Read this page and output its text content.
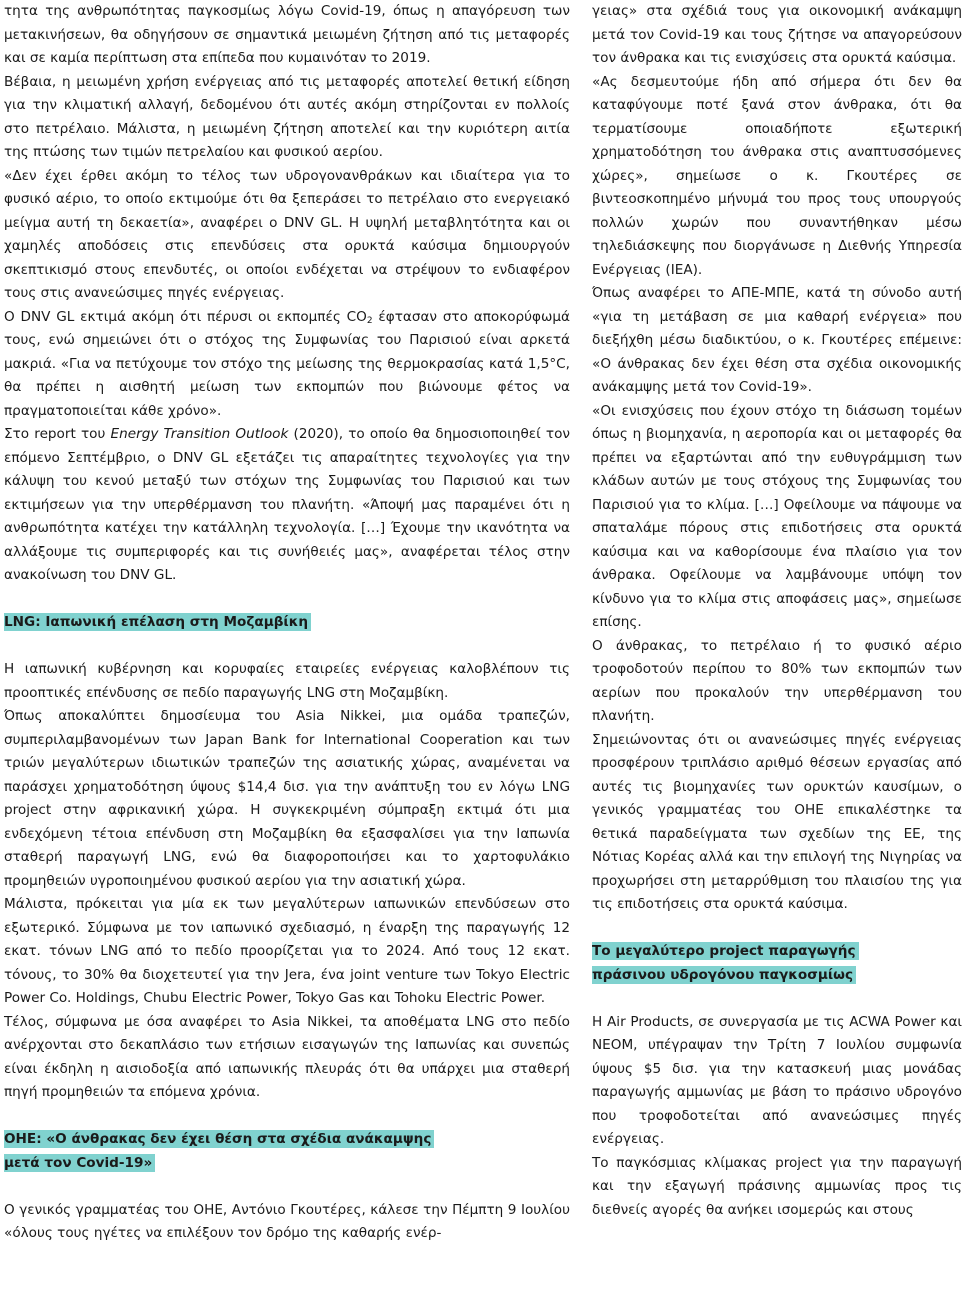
τητα της ανθρωπότητας παγκοσμίως λόγω Covid-19, όπως η απαγόρευση των μετακινήσεων, θα οδηγήσουν σε σημαντικά μειωμένη ζήτηση από τις μεταφορές και σε καμία περίπτωση στα επίπεδα που κυμαινόταν το 2019.

Βέβαια, η μειωμένη χρήση ενέργειας από τις μεταφορές αποτελεί θετική είδηση για την κλιματική αλλαγή, δεδομένου ότι αυτές ακόμη στηρίζονται εν πολλοίς στο πετρέλαιο. Μάλιστα, η μειωμένη ζήτηση αποτελεί και την κυριότερη αιτία της πτώσης των τιμών πετρελαίου και φυσικού αερίου.

«Δεν έχει έρθει ακόμη το τέλος των υδρογονανθράκων και ιδιαίτερα για το φυσικό αέριο, το οποίο εκτιμούμε ότι θα ξεπεράσει το πετρέλαιο στο ενεργειακό μείγμα αυτή τη δεκαετία», αναφέρει ο DNV GL. Η υψηλή μεταβλητότητα και οι χαμηλές αποδόσεις στις επενδύσεις στα ορυκτά καύσιμα δημιουργούν σκεπτικισμό στους επενδυτές, οι οποίοι ενδέχεται να στρέψουν το ενδιαφέρον τους στις ανανεώσιμες πηγές ενέργειας.

Ο DNV GL εκτιμά ακόμη ότι πέρυσι οι εκπομπές $CO_2$ έφτασαν στο αποκορύφωμά τους, ενώ σημειώνει ότι ο στόχος της Συμφωνίας του Παρισιού είναι αρκετά μακριά. «Για να πετύχουμε τον στόχο της μείωσης της θερμοκρασίας κατά 1,5°C, θα πρέπει η αισθητή μείωση των εκπομπών που βιώνουμε φέτος να πραγματοποιείται κάθε χρόνο».

Στο report του Energy Transition Outlook (2020), το οποίο θα δημοσιοποιηθεί τον επόμενο Σεπτέμβριο, ο DNV GL εξετάζει τις απαραίτητες τεχνολογίες για την κάλυψη του κενού μεταξύ των στόχων της Συμφωνίας του Παρισιού και των εκτιμήσεων για την υπερθέρμανση του πλανήτη. «Άποψή μας παραμένει ότι η ανθρωπότητα κατέχει την κατάλληλη τεχνολογία. […] Έχουμε την ικανότητα να αλλάξουμε τις συμπεριφορές και τις συνήθειές μας», αναφέρεται τέλος στην ανακοίνωση του DNV GL.

LNG: Ιαπωνική επέλαση στη Μοζαμβίκη

Η ιαπωνική κυβέρνηση και κορυφαίες εταιρείες ενέργειας καλοβλέπουν τις προοπτικές επένδυσης σε πεδίο παραγωγής LNG στη Μοζαμβίκη.

Όπως αποκαλύπτει δημοσίευμα του Asia Nikkei, μια ομάδα τραπεζών, συμπεριλαμβανομένων των Japan Bank for International Cooperation και των τριών μεγαλύτερων ιδιωτικών τραπεζών της ασιατικής χώρας, αναμένεται να παράσχει χρηματοδότηση ύψους $14,4 δισ. για την ανάπτυξη του εν λόγω LNG project στην αφρικανική χώρα. Η συγκεκριμένη σύμπραξη εκτιμά ότι μια ενδεχόμενη τέτοια επένδυση στη Μοζαμβίκη θα εξασφαλίσει για την Ιαπωνία σταθερή παραγωγή LNG, ενώ θα διαφοροποιήσει και το χαρτοφυλάκιο προμηθειών υγροποιημένου φυσικού αερίου για την ασιατική χώρα.

Μάλιστα, πρόκειται για μία εκ των μεγαλύτερων ιαπωνικών επενδύσεων στο εξωτερικό. Σύμφωνα με τον ιαπωνικό σχεδιασμό, η έναρξη της παραγωγής 12 εκατ. τόνων LNG από το πεδίο προορίζεται για το 2024. Από τους 12 εκατ. τόνους, το 30% θα διοχετευτεί για την Jera, ένα joint venture των Tokyo Electric Power Co. Holdings, Chubu Electric Power, Tokyo Gas και Tohoku Electric Power.

Τέλος, σύμφωνα με όσα αναφέρει το Asia Nikkei, τα αποθέματα LNG στο πεδίο ανέρχονται στο δεκαπλάσιο των ετήσιων εισαγωγών της Ιαπωνίας και συνεπώς είναι έκδηλη η αισιοδοξία από ιαπωνικής πλευράς ότι θα υπάρχει μια σταθερή πηγή προμηθειών τα επόμενα χρόνια.

ΟΗΕ: «Ο άνθρακας δεν έχει θέση στα σχέδια ανάκαμψης
μετά τον Covid-19»

Ο γενικός γραμματέας του ΟΗΕ, Αντόνιο Γκουτέρες, κάλεσε την Πέμπτη 9 Ιουλίου «όλους τους ηγέτες να επιλέξουν τον δρόμο της καθαρής ενέρ-

γειας» στα σχέδιά τους για οικονομική ανάκαμψη μετά τον Covid-19 και τους ζήτησε να απαγορεύσουν τον άνθρακα και τις ενισχύσεις στα ορυκτά καύσιμα.

«Ας δεσμευτούμε ήδη από σήμερα ότι δεν θα καταφύγουμε ποτέ ξανά στον άνθρακα, ότι θα τερματίσουμε οποιαδήποτε εξωτερική χρηματοδότηση του άνθρακα στις αναπτυσσόμενες χώρες», σημείωσε ο κ. Γκουτέρες σε βιντεοσκοπημένο μήνυμά του προς τους υπουργούς πολλών χωρών που συναντήθηκαν μέσω τηλεδιάσκεψης που διοργάνωσε η Διεθνής Υπηρεσία Ενέργειας (IEA).

Όπως αναφέρει το ΑΠΕ-ΜΠΕ, κατά τη σύνοδο αυτή «για τη μετάβαση σε μια καθαρή ενέργεια» που διεξήχθη μέσω διαδικτύου, ο κ. Γκουτέρες επέμεινε: «Ο άνθρακας δεν έχει θέση στα σχέδια οικονομικής ανάκαμψης μετά τον Covid-19».

«Οι ενισχύσεις που έχουν στόχο τη διάσωση τομέων όπως η βιομηχανία, η αεροπορία και οι μεταφορές θα πρέπει να εξαρτώνται από την ευθυγράμμιση των κλάδων αυτών με τους στόχους της Συμφωνίας του Παρισιού για το κλίμα. […] Οφείλουμε να πάψουμε να σπαταλάμε πόρους στις επιδοτήσεις στα ορυκτά καύσιμα και να καθορίσουμε ένα πλαίσιο για τον άνθρακα. Οφείλουμε να λαμβάνουμε υπόψη τον κίνδυνο για το κλίμα στις αποφάσεις μας», σημείωσε επίσης.

Ο άνθρακας, το πετρέλαιο ή το φυσικό αέριο τροφοδοτούν περίπου το 80% των εκπομπών των αερίων που προκαλούν την υπερθέρμανση του πλανήτη.

Σημειώνοντας ότι οι ανανεώσιμες πηγές ενέργειας προσφέρουν τριπλάσιο αριθμό θέσεων εργασίας από αυτές τις βιομηχανίες των ορυκτών καυσίμων, ο γενικός γραμματέας του ΟΗΕ επικαλέστηκε τα θετικά παραδείγματα των σχεδίων της ΕΕ, της Νότιας Κορέας αλλά και την επιλογή της Νιγηρίας να προχωρήσει στη μεταρρύθμιση του πλαισίου της για τις επιδοτήσεις στα ορυκτά καύσιμα.

Το μεγαλύτερο project παραγωγής
πράσινου υδρογόνου παγκοσμίως

Η Air Products, σε συνεργασία με τις ACWA Power και NEOM, υπέγραψαν την Τρίτη 7 Ιουλίου συμφωνία ύψους $5 δισ. για την κατασκευή μιας μονάδας παραγωγής αμμωνίας με βάση το πράσινο υδρογόνο που τροφοδοτείται από ανανεώσιμες πηγές ενέργειας.

Το παγκόσμιας κλίμακας project για την παραγωγή και την εξαγωγή πράσινης αμμωνίας προς τις διεθνείς αγορές θα ανήκει ισομερώς και στους
